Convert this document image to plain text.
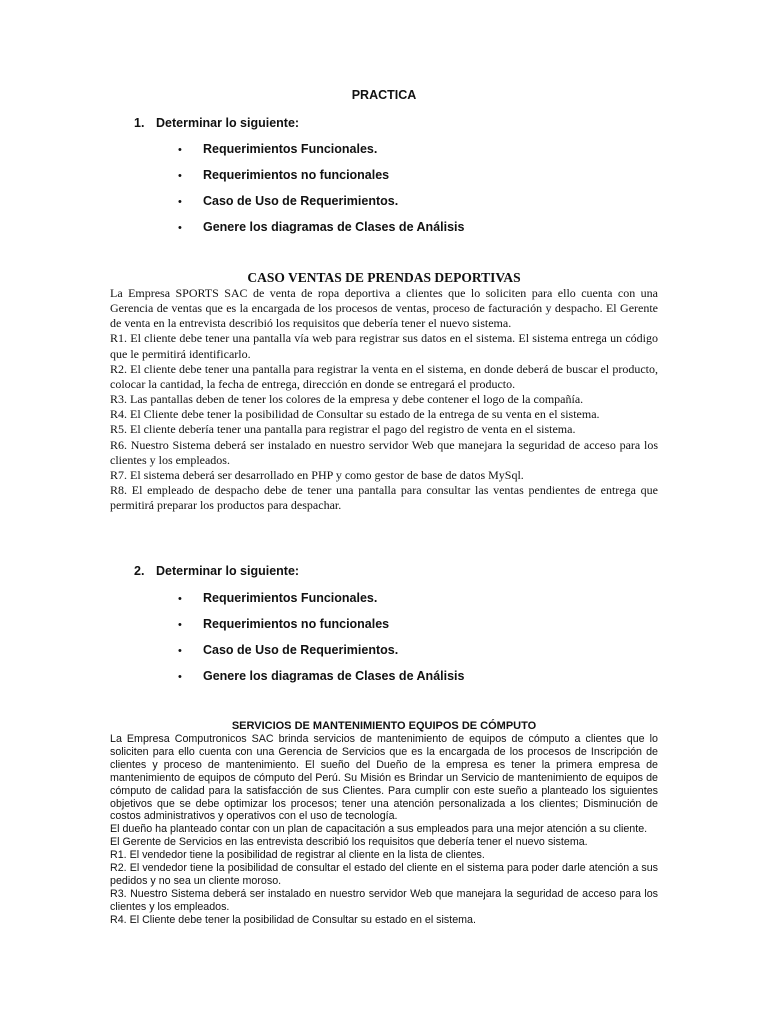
PRACTICA
1. Determinar lo siguiente:
• Requerimientos Funcionales.
• Requerimientos no funcionales
• Caso de Uso de Requerimientos.
• Genere los diagramas de Clases de Análisis
CASO VENTAS DE PRENDAS DEPORTIVAS

La Empresa SPORTS SAC de venta de ropa deportiva a clientes que lo soliciten para ello cuenta con una Gerencia de ventas que es la encargada de los procesos de ventas, proceso de facturación y despacho. El Gerente de venta en la entrevista describió los requisitos que debería tener el nuevo sistema.

R1. El cliente debe tener una pantalla vía web para registrar sus datos en el sistema. El sistema entrega un código que le permitirá identificarlo.

R2. El cliente debe tener una pantalla para registrar la venta en el sistema, en donde deberá de buscar el producto, colocar la cantidad, la fecha de entrega, dirección en donde se entregará el producto.

R3. Las pantallas deben de tener los colores de la empresa y debe contener el logo de la compañía.

R4. El Cliente debe tener la posibilidad de Consultar su estado de la entrega de su venta en el sistema.

R5. El cliente debería tener una pantalla para registrar el pago del registro de venta en el sistema.

R6. Nuestro Sistema deberá ser instalado en nuestro servidor Web que manejara la seguridad de acceso para los clientes y los empleados.

R7. El sistema deberá ser desarrollado en PHP y como gestor de base de datos MySql.

R8. El empleado de despacho debe de tener una pantalla para consultar las ventas pendientes de entrega que permitirá preparar los productos para despachar.

2. Determinar lo siguiente:
• Requerimientos Funcionales.
• Requerimientos no funcionales
• Caso de Uso de Requerimientos.
• Genere los diagramas de Clases de Análisis
SERVICIOS DE MANTENIMIENTO EQUIPOS DE CÓMPUTO

La Empresa Computronicos SAC brinda servicios de mantenimiento de equipos de cómputo a clientes que lo soliciten para ello cuenta con una Gerencia de Servicios que es la encargada de los procesos de Inscripción de clientes y proceso de mantenimiento. El sueño del Dueño de la empresa es tener la primera empresa de mantenimiento de equipos de cómputo del Perú. Su Misión es Brindar un Servicio de mantenimiento de equipos de cómputo de calidad para la satisfacción de sus Clientes. Para cumplir con este sueño a planteado los siguientes objetivos que se debe optimizar los procesos; tener una atención personalizada a los clientes; Disminución de costos administrativos y operativos con el uso de tecnología.

El dueño ha planteado contar con un plan de capacitación a sus empleados para una mejor atención a su cliente.

El Gerente de Servicios en las entrevista describió los requisitos que debería tener el nuevo sistema.

R1. El vendedor tiene la posibilidad de registrar al cliente en la lista de clientes.

R2. El vendedor tiene la posibilidad de consultar el estado del cliente en el sistema para poder darle atención a sus pedidos y no sea un cliente moroso.

R3. Nuestro Sistema deberá ser instalado en nuestro servidor Web que manejara la seguridad de acceso para los clientes y los empleados.

R4. El Cliente debe tener la posibilidad de Consultar su estado en el sistema.
